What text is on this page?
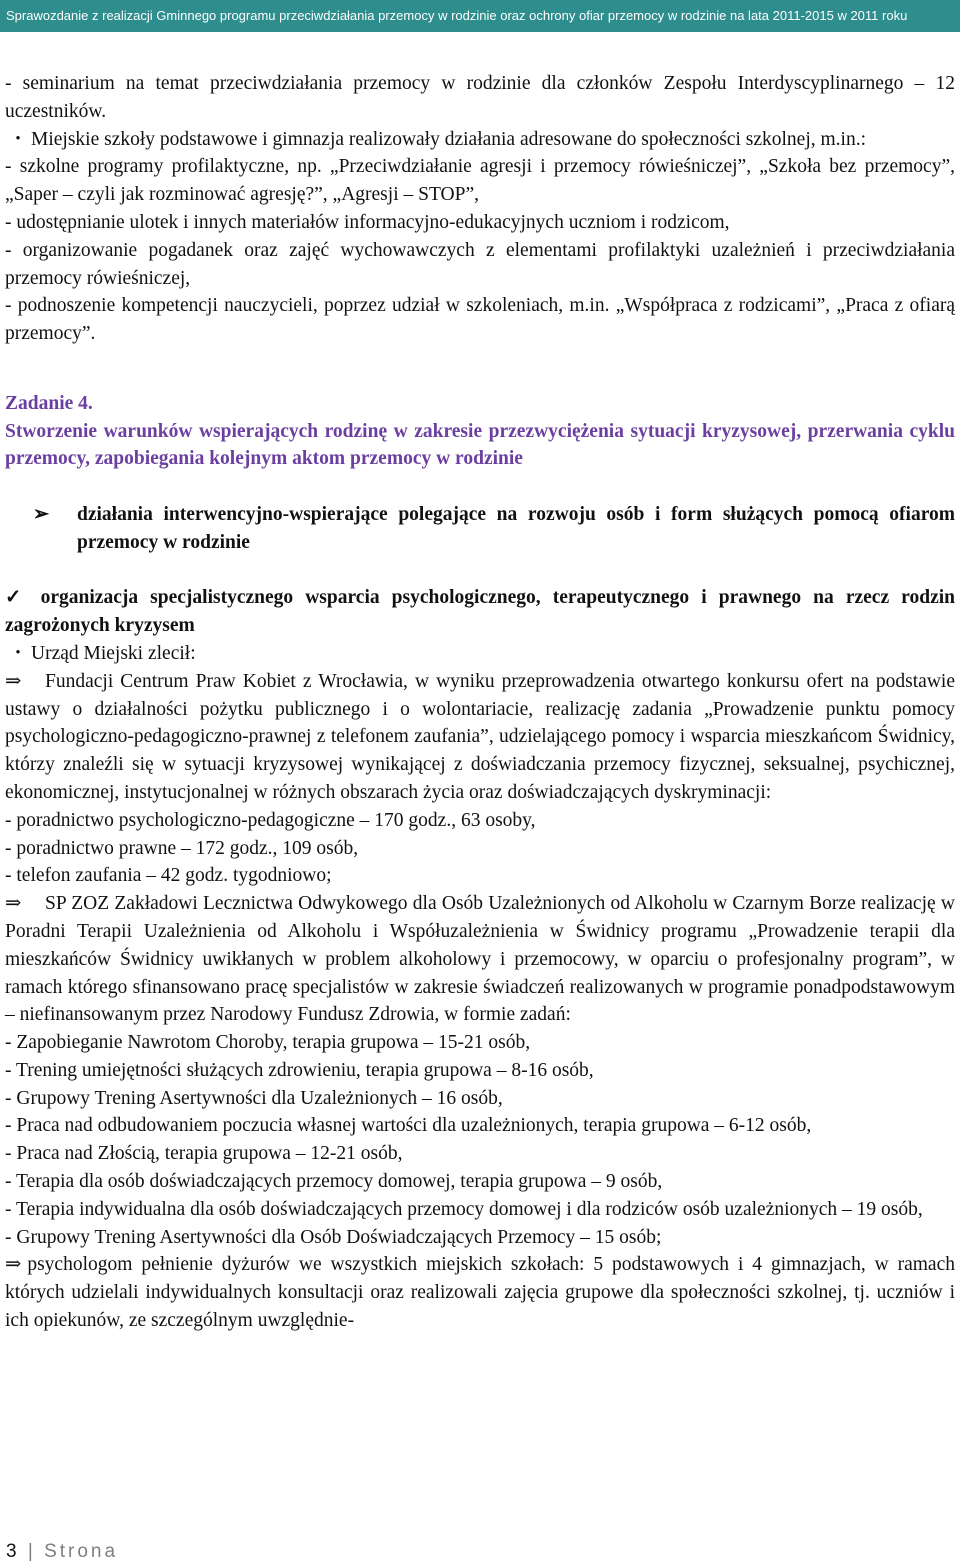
Sprawozdanie z realizacji Gminnego programu przeciwdziałania przemocy w rodzinie oraz ochrony ofiar przemocy w rodzinie na lata 2011-2015 w 2011 roku

- seminarium na temat przeciwdziałania przemocy w rodzinie dla członków Zespołu Interdyscyplinarnego – 12 uczestników.

• Miejskie szkoły podstawowe i gimnazja realizowały działania adresowane do społeczności szkolnej, m.in.:

- szkolne programy profilaktyczne, np. „Przeciwdziałanie agresji i przemocy rówieśniczej”, „Szkoła bez przemocy”, „Saper – czyli jak rozminować agresję?”, „Agresji – STOP”,

- udostępnianie ulotek i innych materiałów informacyjno-edukacyjnych uczniom i rodzicom,

- organizowanie pogadanek oraz zajęć wychowawczych z elementami profilaktyki uzależnień i przeciwdziałania przemocy rówieśniczej,

- podnoszenie kompetencji nauczycieli, poprzez udział w szkoleniach, m.in. „Współpraca z rodzicami”, „Praca z ofiarą przemocy”.

Zadanie 4.

Stworzenie warunków wspierających rodzinę w zakresie przezwyciężenia sytuacji kryzysowej, przerwania cyklu przemocy, zapobiegania kolejnym aktom przemocy w rodzinie

➢	działania interwencyjno-wspierające polegające na rozwoju osób i form służących pomocą ofiarom przemocy w rodzinie

✓ organizacja specjalistycznego wsparcia psychologicznego, terapeutycznego i prawnego na rzecz rodzin zagrożonych kryzysem

• Urząd Miejski zlecił:

⇒ Fundacji Centrum Praw Kobiet z Wrocławia, w wyniku przeprowadzenia otwartego konkursu ofert na podstawie ustawy o działalności pożytku publicznego i o wolontariacie, realizację zadania „Prowadzenie punktu pomocy psychologiczno-pedagogiczno-prawnej z telefonem zaufania”, udzielającego pomocy i wsparcia mieszkańcom Świdnicy, którzy znaleźli się w sytuacji kryzysowej wynikającej z doświadczania przemocy fizycznej, seksualnej, psychicznej, ekonomicznej, instytucjonalnej w różnych obszarach życia oraz doświadczających dyskryminacji:

- poradnictwo psychologiczno-pedagogiczne – 170 godz., 63 osoby,

- poradnictwo prawne – 172 godz., 109 osób,

- telefon zaufania – 42 godz. tygodniowo;

⇒ SP ZOZ Zakładowi Lecznictwa Odwykowego dla Osób Uzależnionych od Alkoholu w Czarnym Borze realizację w Poradni Terapii Uzależnienia od Alkoholu i Współuzależnienia w Świdnicy programu „Prowadzenie terapii dla mieszkańców Świdnicy uwikłanych w problem alkoholowy i przemocowy, w oparciu o profesjonalny program”, w ramach którego sfinansowano pracę specjalistów w zakresie świadczeń realizowanych w programie ponadpodstawowym – niefinansowanym przez Narodowy Fundusz Zdrowia, w formie zadań:

- Zapobieganie Nawrotom Choroby, terapia grupowa – 15-21 osób,

- Trening umiejętności służących zdrowieniu, terapia grupowa – 8-16 osób,

- Grupowy Trening Asertywności dla Uzależnionych – 16 osób,

- Praca nad odbudowaniem poczucia własnej wartości dla uzależnionych, terapia grupowa – 6-12 osób,

- Praca nad Złością, terapia grupowa – 12-21 osób,

- Terapia dla osób doświadczających przemocy domowej, terapia grupowa – 9 osób,

- Terapia indywidualna dla osób doświadczających przemocy domowej i dla rodziców osób uzależnionych – 19 osób,

- Grupowy Trening Asertywności dla Osób Doświadczających Przemocy – 15 osób;

⇒ psychologom pełnienie dyżurów we wszystkich miejskich szkołach: 5 podstawowych i 4 gimnazjach, w ramach których udzielali indywidualnych konsultacji oraz realizowali zajęcia grupowe dla społeczności szkolnej, tj. uczniów i ich opiekunów, ze szczególnym uwzględnie-

3 | Strona
